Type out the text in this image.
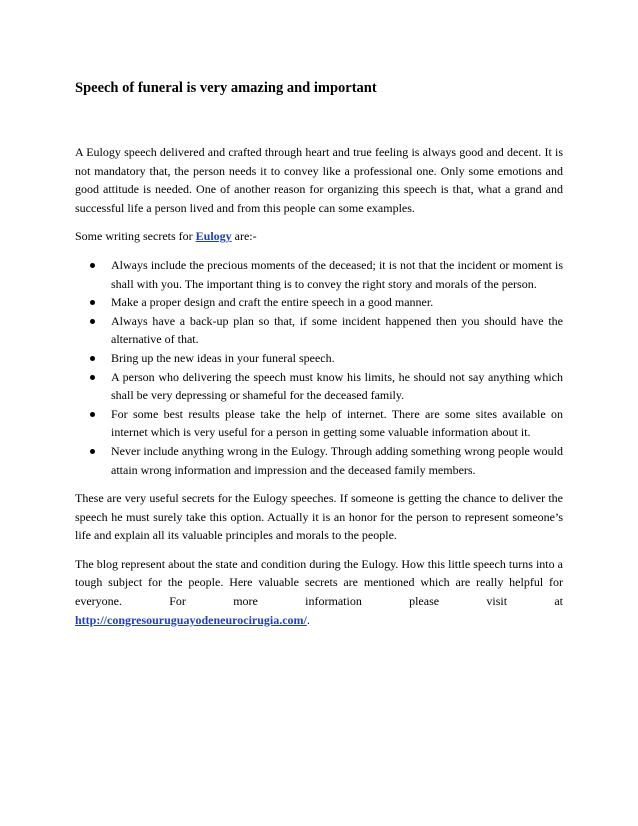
Speech of funeral is very amazing and important

A Eulogy speech delivered and crafted through heart and true feeling is always good and decent. It is not mandatory that, the person needs it to convey like a professional one. Only some emotions and good attitude is needed. One of another reason for organizing this speech is that, what a grand and successful life a person lived and from this people can some examples.

Some writing secrets for Eulogy are:-

Always include the precious moments of the deceased; it is not that the incident or moment is shall with you. The important thing is to convey the right story and morals of the person.
Make a proper design and craft the entire speech in a good manner.
Always have a back-up plan so that, if some incident happened then you should have the alternative of that.
Bring up the new ideas in your funeral speech.
A person who delivering the speech must know his limits, he should not say anything which shall be very depressing or shameful for the deceased family.
For some best results please take the help of internet. There are some sites available on internet which is very useful for a person in getting some valuable information about it.
Never include anything wrong in the Eulogy. Through adding something wrong people would attain wrong information and impression and the deceased family members.

These are very useful secrets for the Eulogy speeches. If someone is getting the chance to deliver the speech he must surely take this option. Actually it is an honor for the person to represent someone’s life and explain all its valuable principles and morals to the people.

The blog represent about the state and condition during the Eulogy. How this little speech turns into a tough subject for the people. Here valuable secrets are mentioned which are really helpful for everyone. For more information please visit at

http://congresouruguayodeneurocirugia.com/.
